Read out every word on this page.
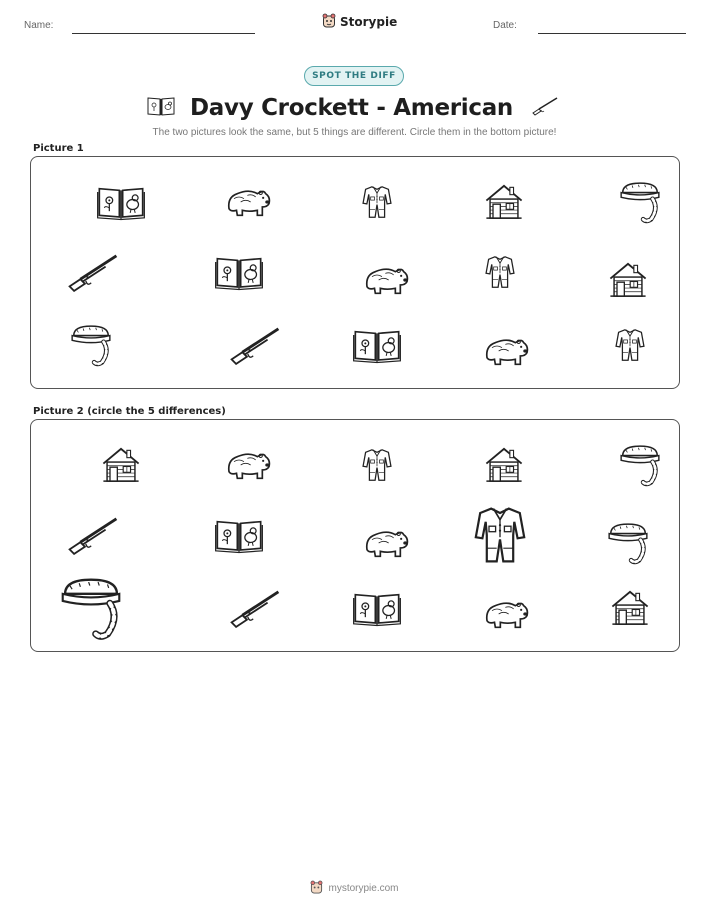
Name:	Storypie	Date:
SPOT THE DIFF
Davy Crockett - American
The two pictures look the same, but 5 things are different. Circle them in the bottom picture!
Picture 1
Picture 2 (circle the 5 differences)
mystorypie.com
